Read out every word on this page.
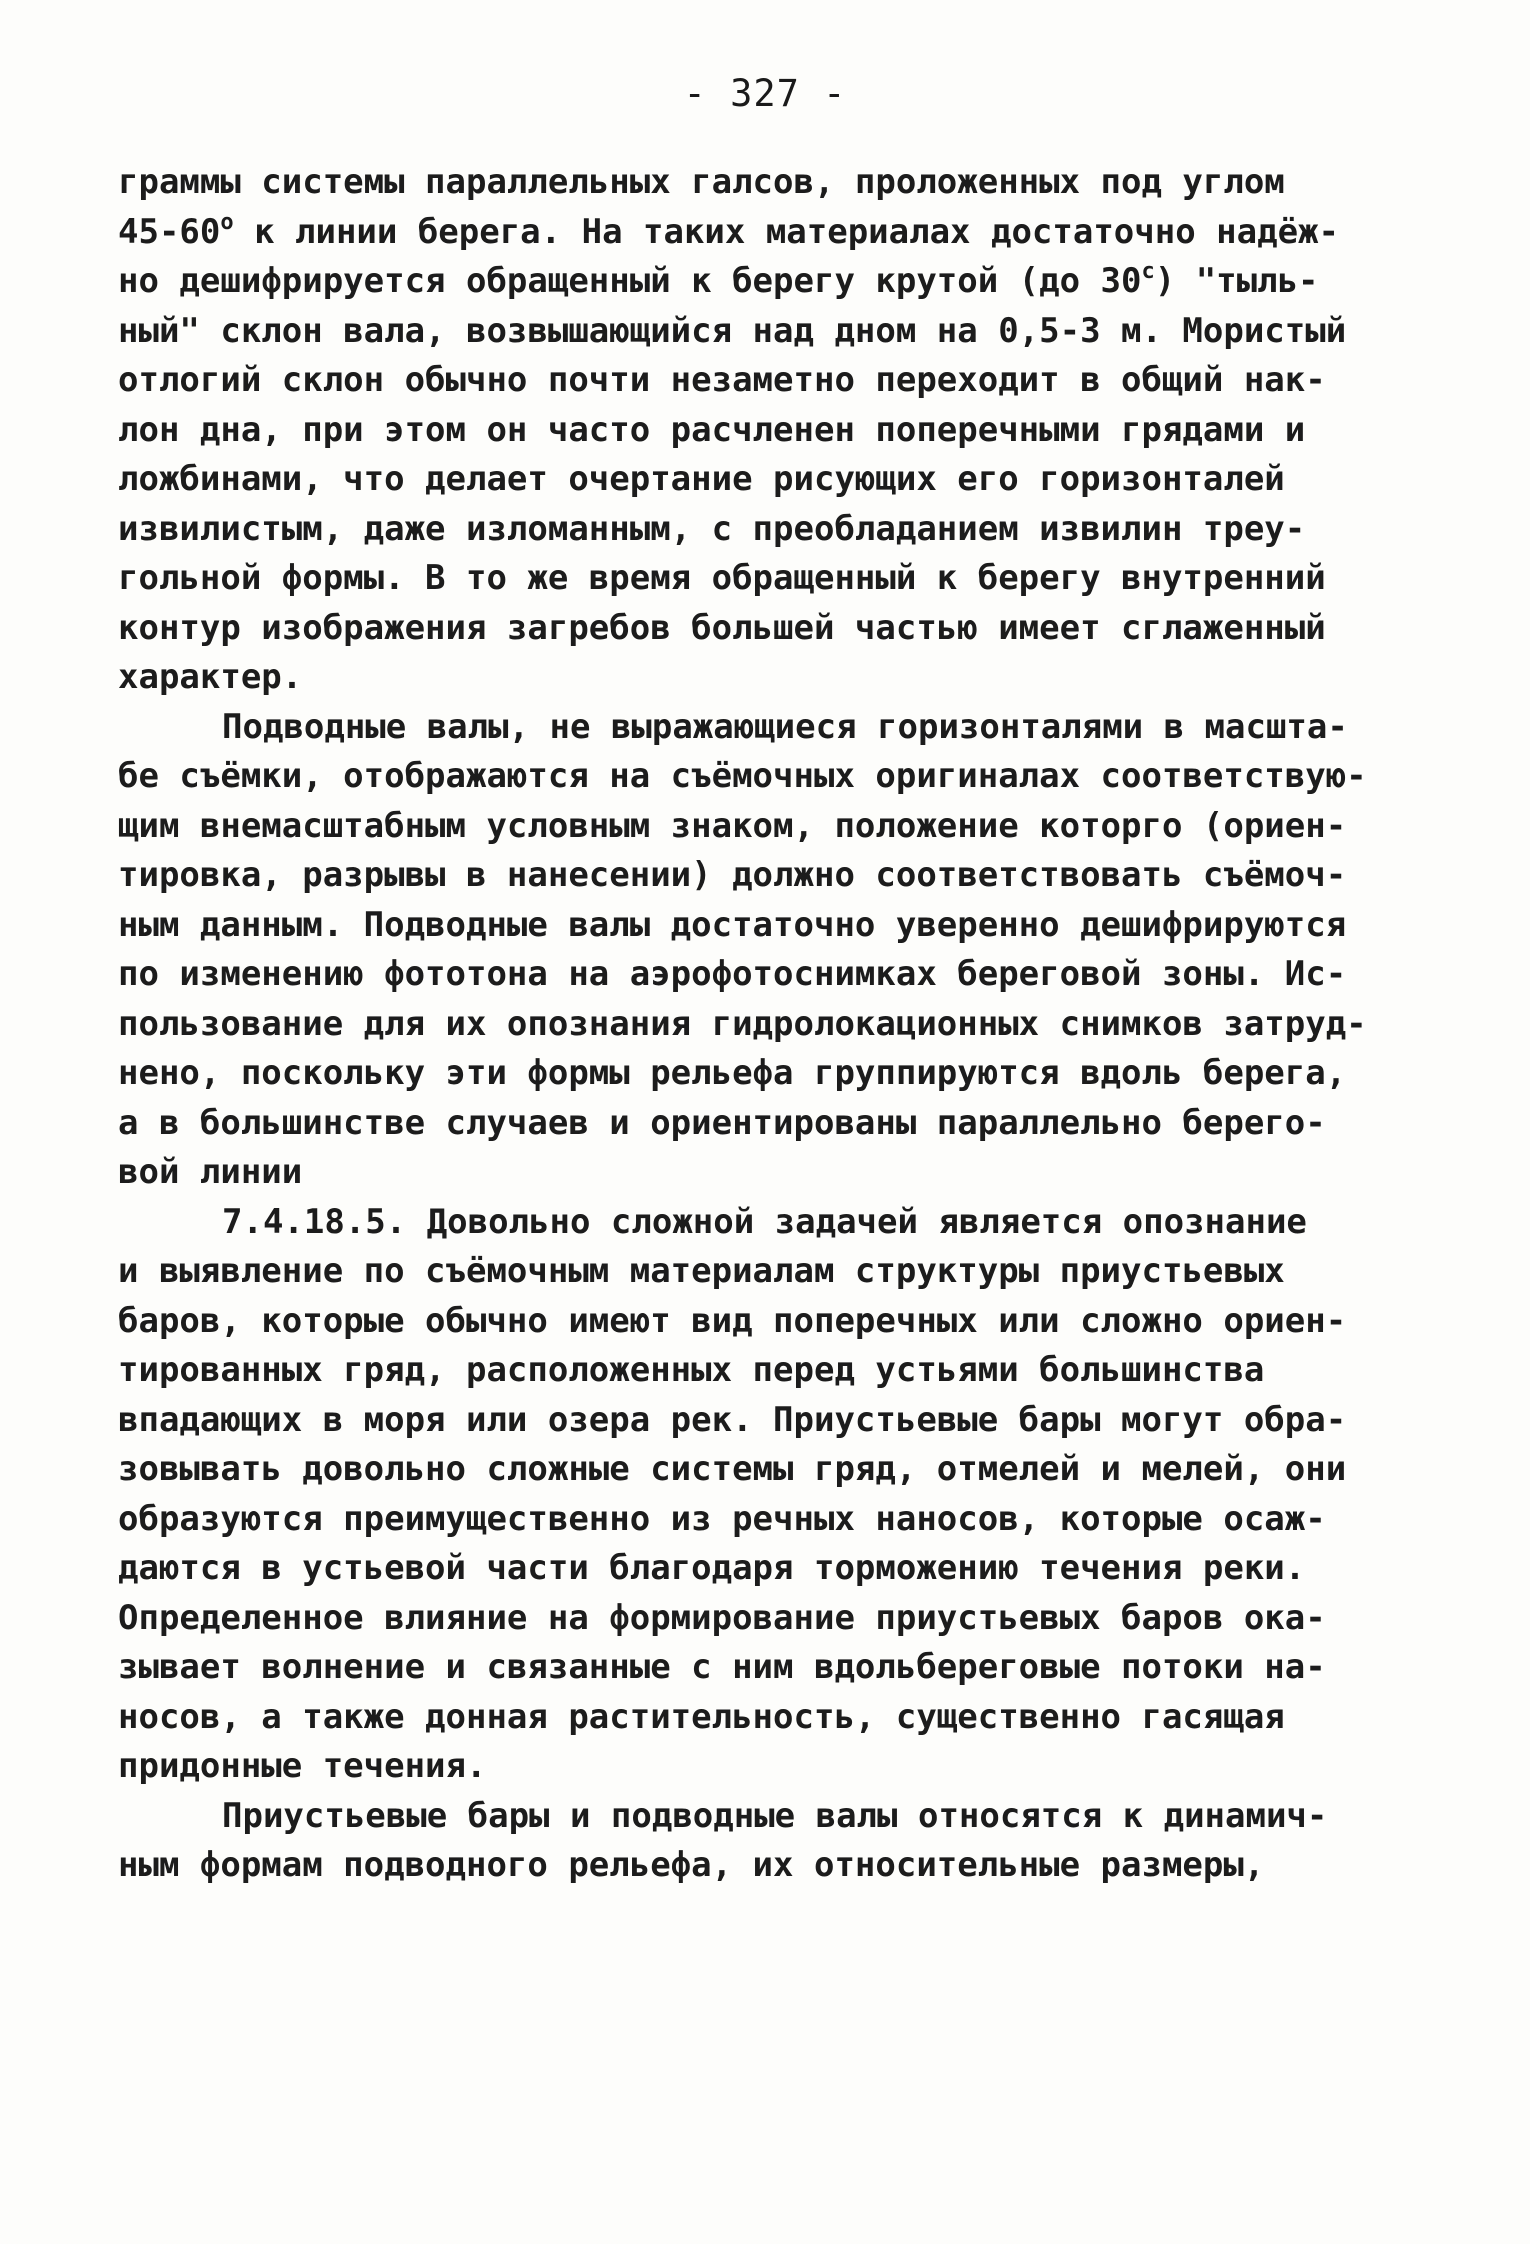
- 327 -
граммы системы параллельных галсов, проложенных под углом
45-60$^o$ к линии берега. На таких материалах достаточно надёж-
но дешифрируется обращенный к берегу крутой (до 30$^c$) "тыль-
ный" склон вала, возвышающийся над дном на 0,5-3 м. Мористый
отлогий склон обычно почти незаметно переходит в общий нак-
лон дна, при этом он часто расчленен поперечными грядами и
ложбинами, что делает очертание рисующих его горизонталей
извилистым, даже изломанным, с преобладанием извилин треу-
гольной формы. В то же время обращенный к берегу внутренний
контур изображения загребов большей частью имеет сглаженный
характер.
Подводные валы, не выражающиеся горизонталями в масшта-
бе съёмки, отображаются на съёмочных оригиналах соответствую-
щим внемасштабным условным знаком, положение которго (ориен-
тировка, разрывы в нанесении) должно соответствовать съёмоч-
ным данным. Подводные валы достаточно уверенно дешифрируются
по изменению фототона на аэрофотоснимках береговой зоны. Ис-
пользование для их опознания гидролокационных снимков затруд-
нено, поскольку эти формы рельефа группируются вдоль берега,
а в большинстве случаев и ориентированы параллельно берего-
вой линии
7.4.18.5. Довольно сложной задачей является опознание
и выявление по съёмочным материалам структуры приустьевых
баров, которые обычно имеют вид поперечных или сложно ориен-
тированных гряд, расположенных перед устьями большинства
впадающих в моря или озера рек. Приустьевые бары могут обра-
зовывать довольно сложные системы гряд, отмелей и мелей, они
образуются преимущественно из речных наносов, которые осаж-
даются в устьевой части благодаря торможению течения реки.
Определенное влияние на формирование приустьевых баров ока-
зывает волнение и связанные с ним вдольбереговые потоки на-
носов, а также донная растительность, существенно гасящая
придонные течения.
Приустьевые бары и подводные валы относятся к динамич-
ным формам подводного рельефа, их относительные размеры,
